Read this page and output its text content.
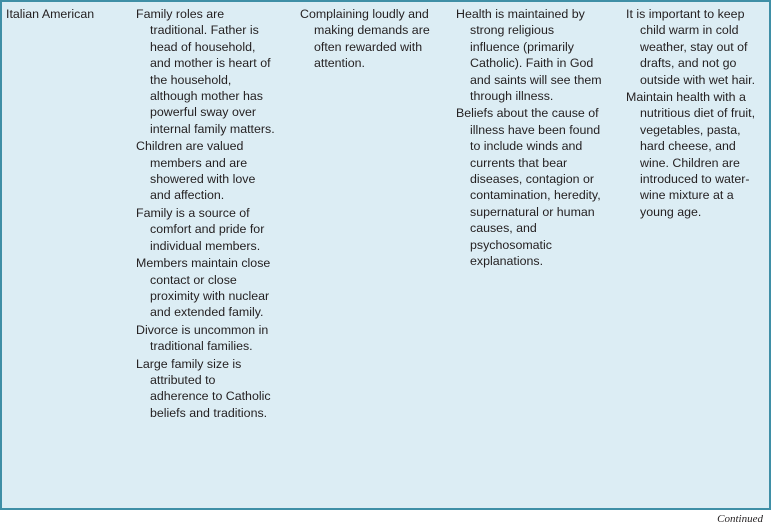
Italian American	Family roles are traditional. Father is head of household, and mother is heart of the household, although mother has powerful sway over internal family matters.

Children are valued members and are showered with love and affection.

Family is a source of comfort and pride for individual members.

Members maintain close contact or close proximity with nuclear and extended family.

Divorce is uncommon in traditional families.

Large family size is attributed to adherence to Catholic beliefs and traditions.

Complaining loudly and making demands are often rewarded with attention.

Health is maintained by strong religious influence (primarily Catholic). Faith in God and saints will see them through illness.

Beliefs about the cause of illness have been found to include winds and currents that bear diseases, contagion or contamination, heredity, supernatural or human causes, and psychosomatic explanations.

It is important to keep child warm in cold weather, stay out of drafts, and not go outside with wet hair.

Maintain health with a nutritious diet of fruit, vegetables, pasta, hard cheese, and wine. Children are introduced to water-wine mixture at a young age.

Continued
